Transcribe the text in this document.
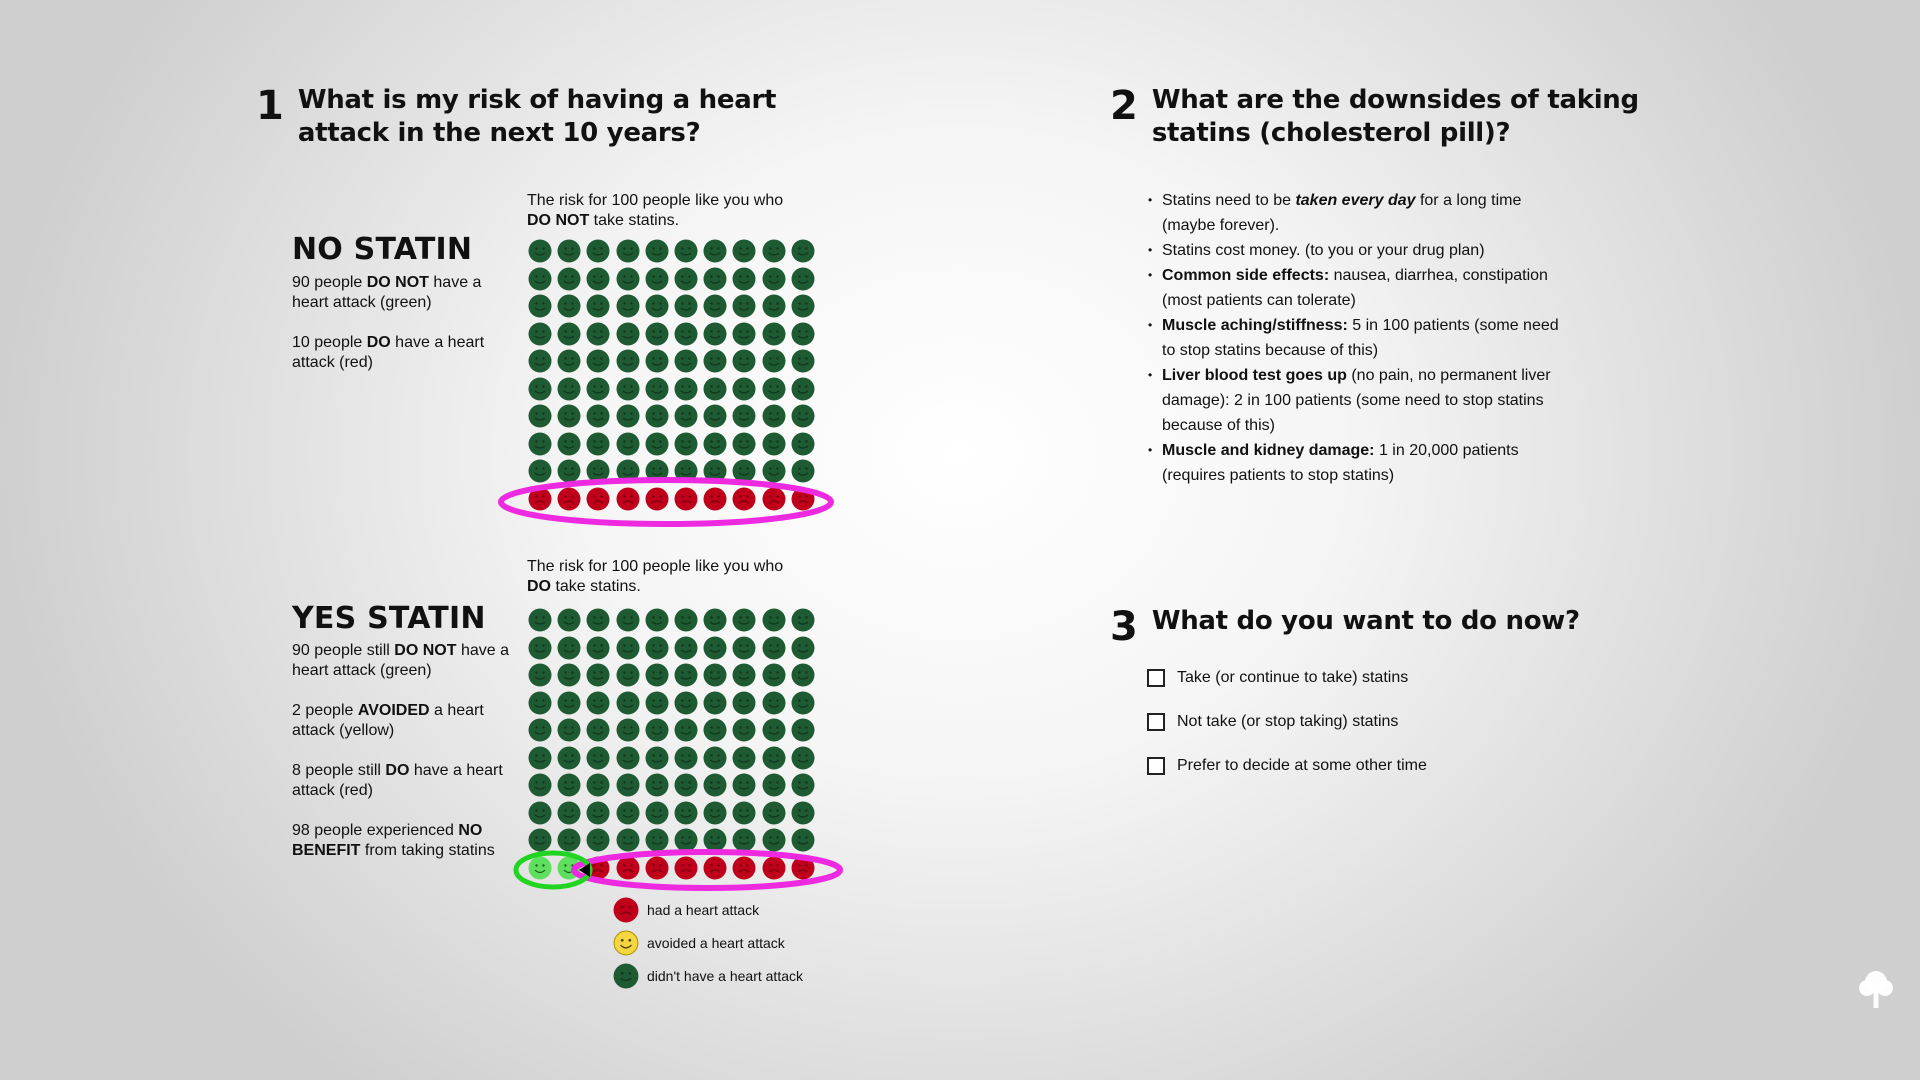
1 What is my risk of having a heart
attack in the next 10 years?
The risk for 100 people like you who
DO NOT take statins.
NO STATIN

90 people DO NOT have a heart attack (green)

10 people DO have a heart attack (red)

The risk for 100 people like you who
DO take statins.
YES STATIN

90 people still DO NOT have a heart attack (green)

2 people AVOIDED a heart attack (yellow)

8 people still DO have a heart attack (red)

98 people experienced NO BENEFIT from taking statins

had a heart attack
avoided a heart attack
didn't have a heart attack
2 What are the downsides of taking
statins (cholesterol pill)?
• Statins need to be taken every day for a long time (maybe forever).
• Statins cost money. (to you or your drug plan)
• Common side effects: nausea, diarrhea, constipation (most patients can tolerate)
• Muscle aching/stiffness: 5 in 100 patients (some need to stop statins because of this)
• Liver blood test goes up (no pain, no permanent liver damage): 2 in 100 patients (some need to stop statins because of this)
• Muscle and kidney damage: 1 in 20,000 patients (requires patients to stop statins)
3 What do you want to do now?
Take (or continue to take) statins
Not take (or stop taking) statins
Prefer to decide at some other time
